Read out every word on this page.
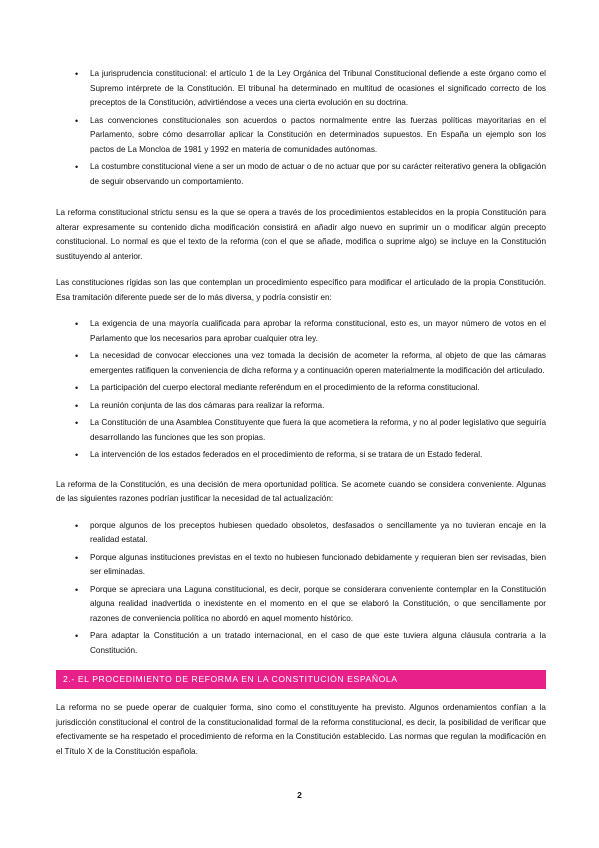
• La jurisprudencia constitucional: el artículo 1 de la Ley Orgánica del Tribunal Constitucional defiende a este órgano como el Supremo intérprete de la Constitución. El tribunal ha determinado en multitud de ocasiones el significado correcto de los preceptos de la Constitución, advirtiéndose a veces una cierta evolución en su doctrina.
• Las convenciones constitucionales son acuerdos o pactos normalmente entre las fuerzas políticas mayoritarias en el Parlamento, sobre cómo desarrollar aplicar la Constitución en determinados supuestos. En España un ejemplo son los pactos de La Moncloa de 1981 y 1992 en materia de comunidades autónomas.
• La costumbre constitucional viene a ser un modo de actuar o de no actuar que por su carácter reiterativo genera la obligación de seguir observando un comportamiento.

La reforma constitucional strictu sensu es la que se opera a través de los procedimientos establecidos en la propia Constitución para alterar expresamente su contenido dicha modificación consistirá en añadir algo nuevo en suprimir un o modificar algún precepto constitucional. Lo normal es que el texto de la reforma (con el que se añade, modifica o suprime algo) se incluye en la Constitución sustituyendo al anterior.

Las constituciones rígidas son las que contemplan un procedimiento específico para modificar el articulado de la propia Constitución. Esa tramitación diferente puede ser de lo más diversa, y podría consistir en:

• La exigencia de una mayoría cualificada para aprobar la reforma constitucional, esto es, un mayor número de votos en el Parlamento que los necesarios para aprobar cualquier otra ley.
• La necesidad de convocar elecciones una vez tomada la decisión de acometer la reforma, al objeto de que las cámaras emergentes ratifiquen la conveniencia de dicha reforma y a continuación operen materialmente la modificación del articulado.
• La participación del cuerpo electoral mediante referéndum en el procedimiento de la reforma constitucional.
• La reunión conjunta de las dos cámaras para realizar la reforma.
• La Constitución de una Asamblea Constituyente que fuera la que acometiera la reforma, y no al poder legislativo que seguiría desarrollando las funciones que les son propias.
• La intervención de los estados federados en el procedimiento de reforma, si se tratara de un Estado federal.

La reforma de la Constitución, es una decisión de mera oportunidad política. Se acomete cuando se considera conveniente. Algunas de las siguientes razones podrían justificar la necesidad de tal actualización:

• porque algunos de los preceptos hubiesen quedado obsoletos, desfasados o sencillamente ya no tuvieran encaje en la realidad estatal.
• Porque algunas instituciones previstas en el texto no hubiesen funcionado debidamente y requieran bien ser revisadas, bien ser eliminadas.
• Porque se apreciara una Laguna constitucional, es decir, porque se considerara conveniente contemplar en la Constitución alguna realidad inadvertida o inexistente en el momento en el que se elaboró la Constitución, o que sencillamente por razones de conveniencia política no abordó en aquel momento histórico.
• Para adaptar la Constitución a un tratado internacional, en el caso de que este tuviera alguna cláusula contraria a la Constitución.
2.- EL PROCEDIMIENTO DE REFORMA EN LA CONSTITUCIÓN ESPAÑOLA

La reforma no se puede operar de cualquier forma, sino como el constituyente ha previsto. Algunos ordenamientos confían a la jurisdicción constitucional el control de la constitucionalidad formal de la reforma constitucional, es decir, la posibilidad de verificar que efectivamente se ha respetado el procedimiento de reforma en la Constitución establecido. Las normas que regulan la modificación en el Título X de la Constitución española.

2
